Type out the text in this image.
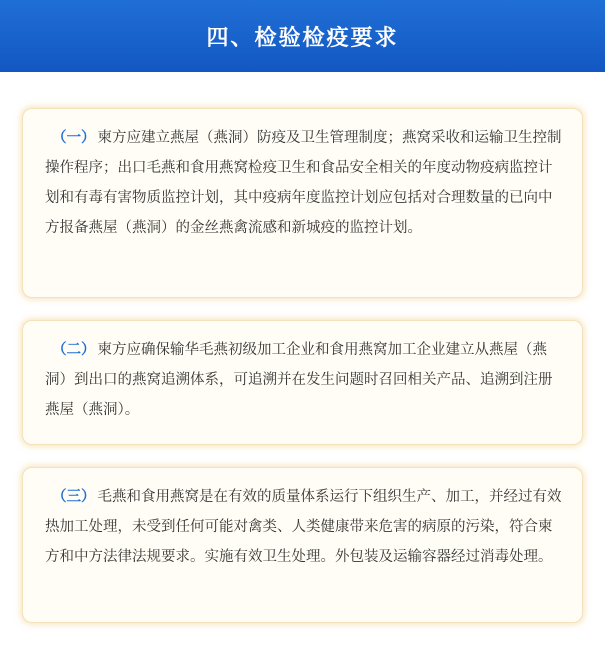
四、检验检疫要求

（一） 柬方应建立燕屋（燕洞）防疫及卫生管理制度；燕窝采收和运输卫生控制操作程序；出口毛燕和食用燕窝检疫卫生和食品安全相关的年度动物疫病监控计划和有毒有害物质监控计划，其中疫病年度监控计划应包括对合理数量的已向中方报备燕屋（燕洞）的金丝燕禽流感和新城疫的监控计划。

（二） 柬方应确保输华毛燕初级加工企业和食用燕窝加工企业建立从燕屋（燕洞）到出口的燕窝追溯体系，可追溯并在发生问题时召回相关产品、追溯到注册燕屋（燕洞）。

（三） 毛燕和食用燕窝是在有效的质量体系运行下组织生产、加工，并经过有效热加工处理，未受到任何可能对禽类、人类健康带来危害的病原的污染，符合柬方和中方法律法规要求。实施有效卫生处理。外包装及运输容器经过消毒处理。
